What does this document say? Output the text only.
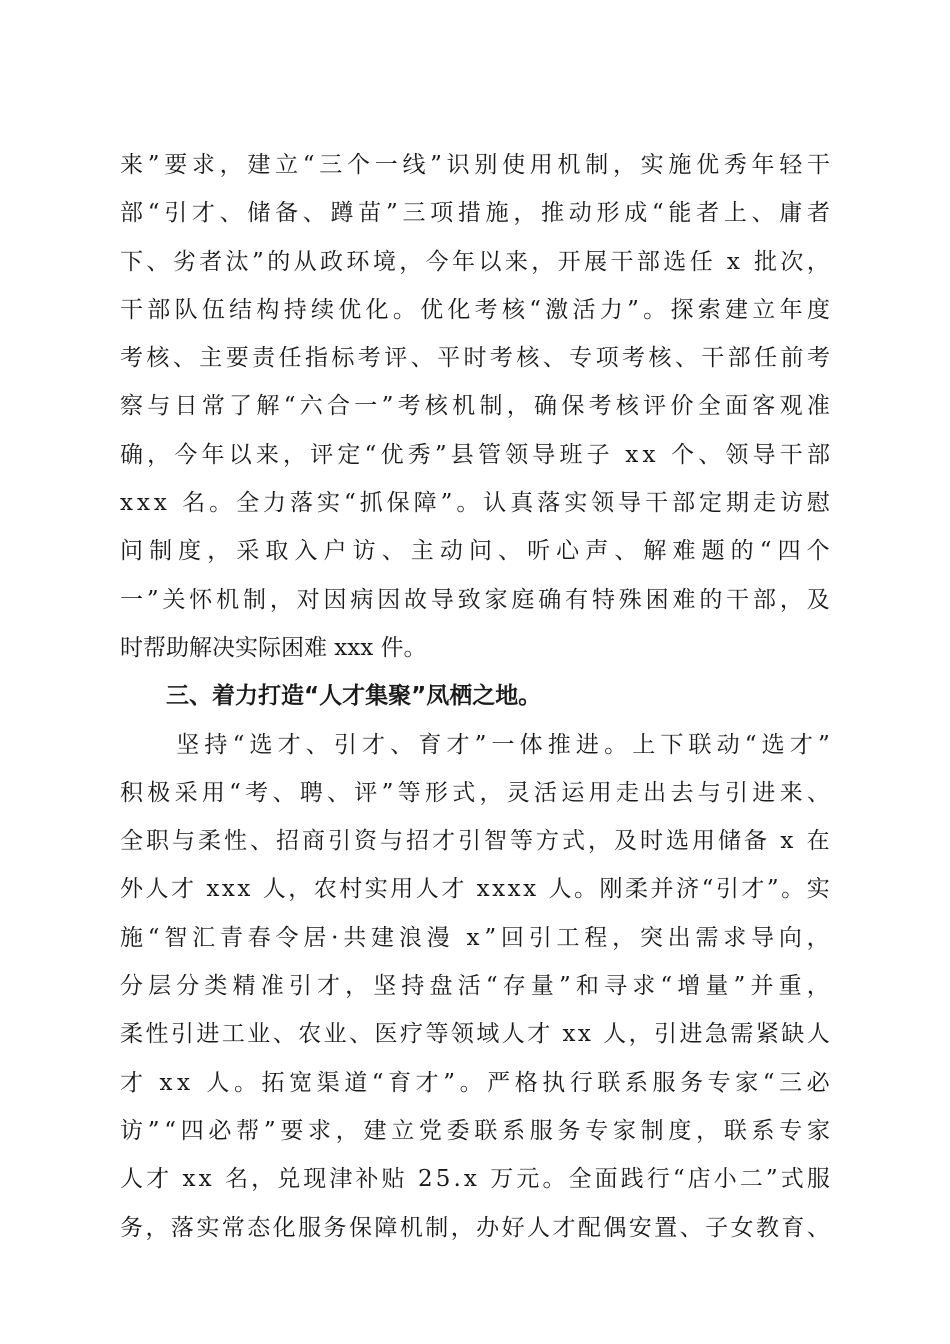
来 ” 要 求 ， 建 立 “ 三 个 一 线 ” 识 别 使 用 机 制 ， 实 施 优 秀 年 轻 干
部 “ 引 才 、 储 备 、 蹲 苗 ” 三 项 措 施 ， 推 动 形 成 “ 能 者 上 、 庸 者
下 、 劣 者 汰 ” 的 从 政 环 境 ， 今 年 以 来 ， 开 展 干 部 选 任
x
批 次 ，
干 部 队 伍 结 构 持 续 优 化 。 优 化 考 核 “ 激 活 力 ” 。 探 索 建 立 年 度
考 核 、 主 要 责 任 指 标 考 评 、 平 时 考 核 、 专 项 考 核 、 干 部 任 前 考
察 与 日 常 了 解 “ 六 合 一 ” 考 核 机 制 ， 确 保 考 核 评 价 全 面 客 观 准
确 ， 今 年 以 来 ， 评 定 “ 优 秀 ” 县 管 领 导 班 子
x x
个 、 领 导 干 部
x x x
名 。 全 力 落 实 “ 抓 保 障 ” 。 认 真 落 实 领 导 干 部 定 期 走 访 慰
问 制 度 ， 采 取 入 户 访 、 主 动 问 、 听 心 声 、 解 难 题 的 “ 四 个
一 ” 关 怀 机 制 ， 对 因 病 因 故 导 致 家 庭 确 有 特 殊 困 难 的 干 部 ， 及
时帮助解决实际困难 xxx 件。
三、着力打造“人才集聚”凤栖之地。

坚 持 “ 选 才 、 引 才 、 育 才 ” 一 体 推 进 。 上 下 联 动 “ 选 才 ”
积 极 采 用 “ 考 、 聘 、 评 ” 等 形 式 ， 灵 活 运 用 走 出 去 与 引 进 来 、
全 职 与 柔 性 、 招 商 引 资 与 招 才 引 智 等 方 式 ， 及 时 选 用 储 备
x
在
外 人 才
x x x
人 ， 农 村 实 用 人 才
x x x x
人 。 刚 柔 并 济 “ 引 才 ” 。 实
施 “ 智 汇 青 春 令 居 · 共 建 浪 漫
x ” 回 引 工 程 ， 突 出 需 求 导 向 ，
分 层 分 类 精 准 引 才 ， 坚 持 盘 活 “ 存 量 ” 和 寻 求 “ 增 量 ” 并 重 ，
柔 性 引 进 工 业 、 农 业 、 医 疗 等 领 域 人 才
x x
人 ， 引 进 急 需 紧 缺 人
才
x x
人 。 拓 宽 渠 道 “ 育 才 ” 。 严 格 执 行 联 系 服 务 专 家 “ 三 必
访 ” “ 四 必 帮 ” 要 求 ， 建 立 党 委 联 系 服 务 专 家 制 度 ， 联 系 专 家
人 才
x x
名 ， 兑 现 津 补 贴
2 5 . x
万 元 。 全 面 践 行 “ 店 小 二 ” 式 服
务 ， 落 实 常 态 化 服 务 保 障 机 制 ， 办 好 人 才 配 偶 安 置 、 子 女 教 育 、
